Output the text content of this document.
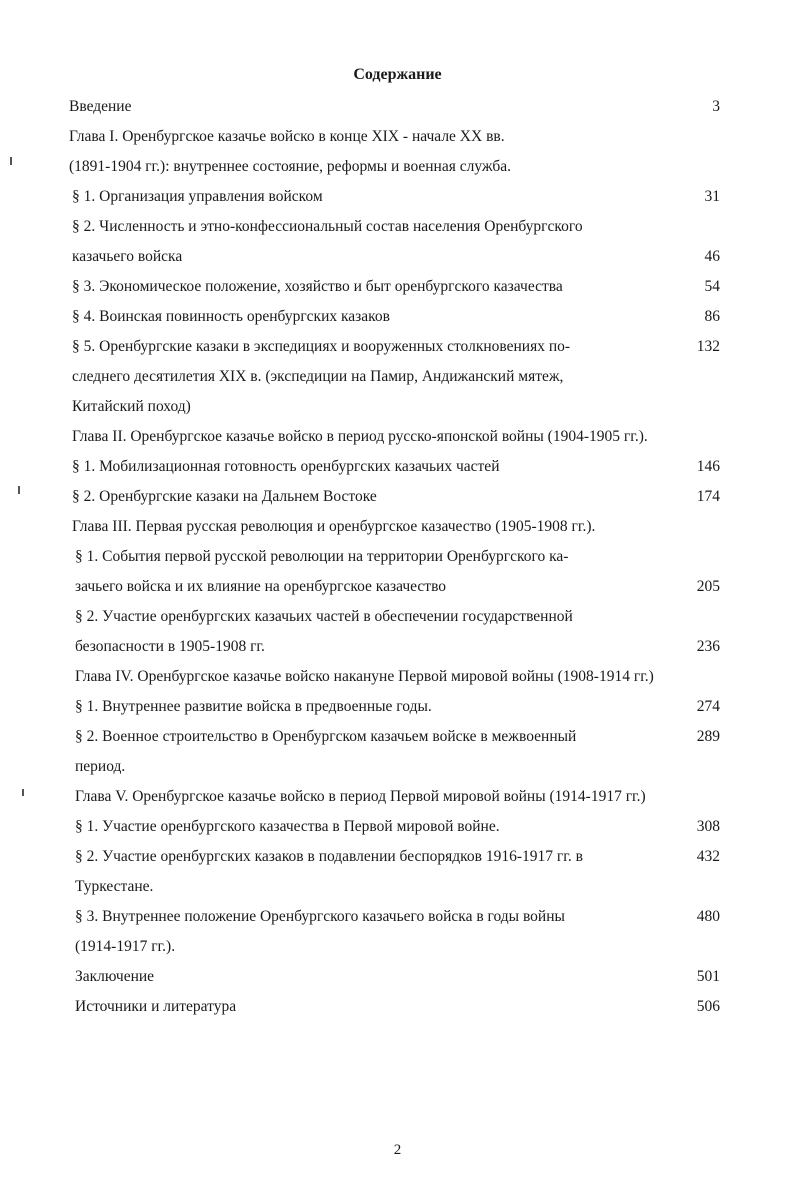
Содержание
Введение	3
Глава I. Оренбургское казачье войско в конце XIX - начале XX вв.
(1891-1904 гг.): внутреннее состояние, реформы и военная служба.
§ 1. Организация управления войском	31
§ 2. Численность и этно-конфессиональный состав населения Оренбургского
казачьего войска	46
§ 3. Экономическое положение, хозяйство и быт оренбургского казачества	54
§ 4. Воинская повинность оренбургских казаков	86
§ 5. Оренбургские казаки в экспедициях и вооруженных столкновениях по-	132
следнего десятилетия XIX в. (экспедиции на Памир, Андижанский мятеж,
Китайский поход)
Глава II. Оренбургское казачье войско в период русско-японской войны (1904-1905 гг.).
§ 1. Мобилизационная готовность оренбургских казачьих частей	146
§ 2. Оренбургские казаки на Дальнем Востоке	174
Глава III. Первая русская революция и оренбургское казачество (1905-1908 гг.).
§ 1. События первой русской революции на территории Оренбургского ка-
зачьего войска и их влияние на оренбургское казачество	205
§ 2. Участие оренбургских казачьих частей в обеспечении государственной
безопасности в 1905-1908 гг.	236
Глава IV. Оренбургское казачье войско накануне Первой мировой войны (1908-1914 гг.)
§ 1. Внутреннее развитие войска в предвоенные годы.	274
§ 2. Военное строительство в Оренбургском казачьем войске в межвоенный	289
период.
Глава V. Оренбургское казачье войско в период Первой мировой войны (1914-1917 гг.)
§ 1. Участие оренбургского казачества в Первой мировой войне.	308
§ 2. Участие оренбургских казаков в подавлении беспорядков 1916-1917 гг. в	432
Туркестане.
§ 3. Внутреннее положение Оренбургского казачьего войска в годы войны	480
(1914-1917 гг.).
Заключение	501
Источники и литература	506
2
